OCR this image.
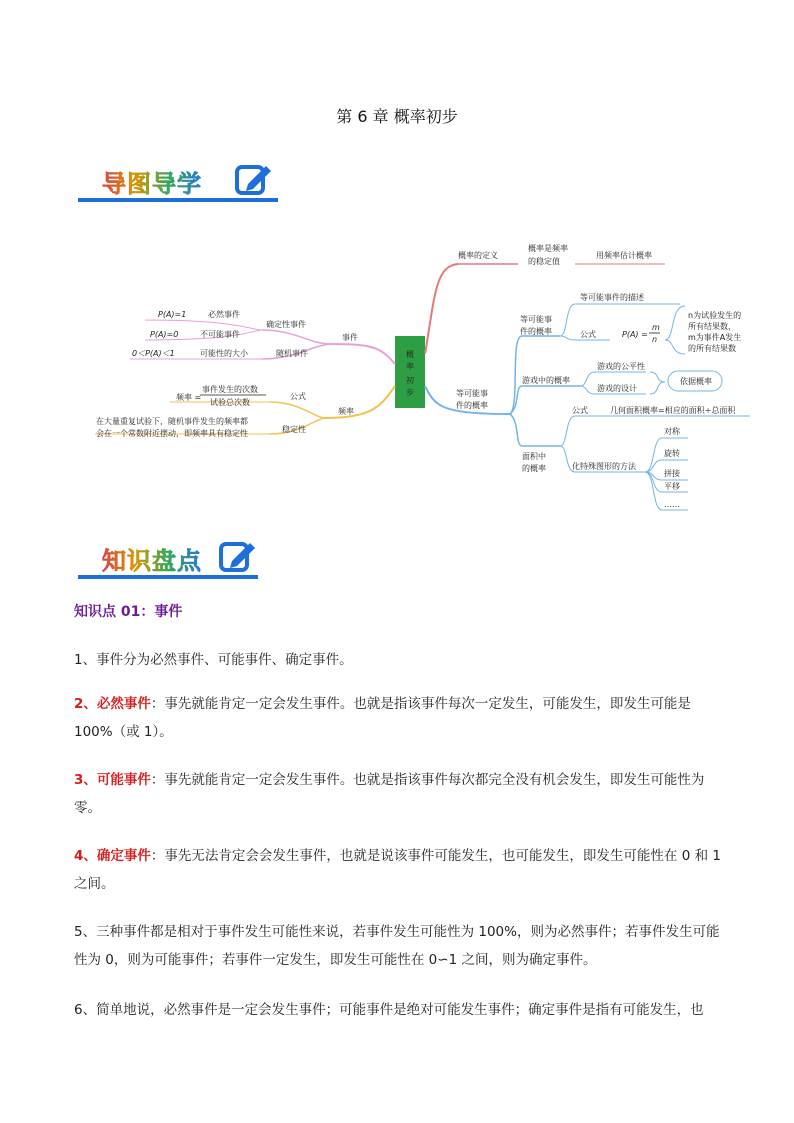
第 6 章 概率初步
导图导学
概
率
初
步
事件
确定性事件
随机事件
必然事件
不可能事件
可能性的大小
P(A)=1
P(A)=0
0＜P(A)＜1
频率
公式
稳定性
频率 =
事件发生的次数
试验总次数
在大量重复试验下，随机事件发生的频率都
会在一个常数附近摆动，即频率具有稳定性
概率的定义
概率是频率
的稳定值
用频率估计概率
等可能事
件的概率
等可能事
件的概率
游戏中的概率
面积中
的概率
等可能事件的描述
公式	P(A) =
m
n
n为试验发生的
所有结果数，
m为事件A发生
的所有结果数
游戏的公平性
游戏的设计
依据概率
公式	几何面积概率=相应的面积÷总面积
化特殊图形的方法
对称
旋转
拼接
平移
……
知识盘点
知识点 01：事件
1、事件分为必然事件、可能事件、确定事件。
2、必然事件：事先就能肯定一定会发生事件。也就是指该事件每次一定发生，可能发生，即发生可能是 100%（或 1）。
3、可能事件：事先就能肯定一定会发生事件。也就是指该事件每次都完全没有机会发生，即发生可能性为零。
4、确定事件：事先无法肯定会会发生事件，也就是说该事件可能发生，也可能发生，即发生可能性在 0 和 1 之间。
5、三种事件都是相对于事件发生可能性来说，若事件发生可能性为 100%，则为必然事件；若事件发生可能性为 0，则为可能事件；若事件一定发生，即发生可能性在 0∽1 之间，则为确定事件。
6、简单地说，必然事件是一定会发生事件；可能事件是绝对可能发生事件；确定事件是指有可能发生，也
